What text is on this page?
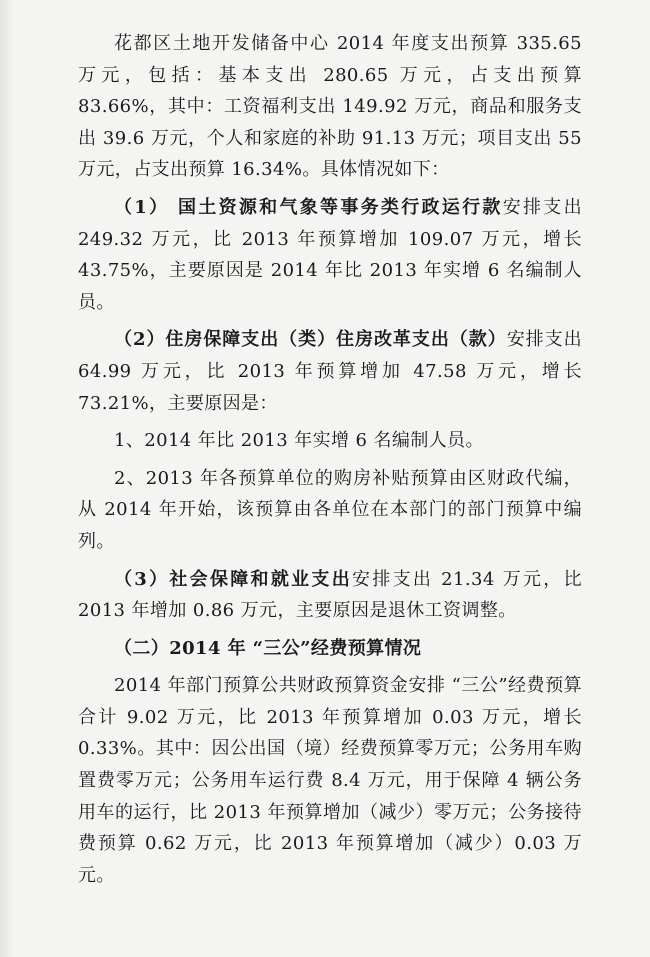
花都区土地开发储备中心 2014 年度支出预算 335.65 万元，包括：基本支出 280.65 万元，占支出预算 83.66%，其中：工资福利支出 149.92 万元，商品和服务支出 39.6 万元，个人和家庭的补助 91.13 万元；项目支出 55 万元，占支出预算 16.34%。具体情况如下：

（1） 国土资源和气象等事务类行政运行款安排支出 249.32 万元，比 2013 年预算增加 109.07 万元，增长 43.75%，主要原因是 2014 年比 2013 年实增 6 名编制人员。

（2）住房保障支出（类）住房改革支出（款）安排支出 64.99 万元，比 2013 年预算增加 47.58 万元，增长 73.21%，主要原因是：

1、2014 年比 2013 年实增 6 名编制人员。

2、2013 年各预算单位的购房补贴预算由区财政代编，从 2014 年开始，该预算由各单位在本部门的部门预算中编列。

（3）社会保障和就业支出安排支出 21.34 万元，比 2013 年增加 0.86 万元，主要原因是退休工资调整。

（二）2014 年 “三公”经费预算情况

2014 年部门预算公共财政预算资金安排 “三公”经费预算合计 9.02 万元，比 2013 年预算增加 0.03 万元，增长 0.33%。其中：因公出国（境）经费预算零万元；公务用车购置费零万元；公务用车运行费 8.4 万元，用于保障 4 辆公务用车的运行，比 2013 年预算增加（减少）零万元；公务接待费预算 0.62 万元，比 2013 年预算增加（减少）0.03 万元。
